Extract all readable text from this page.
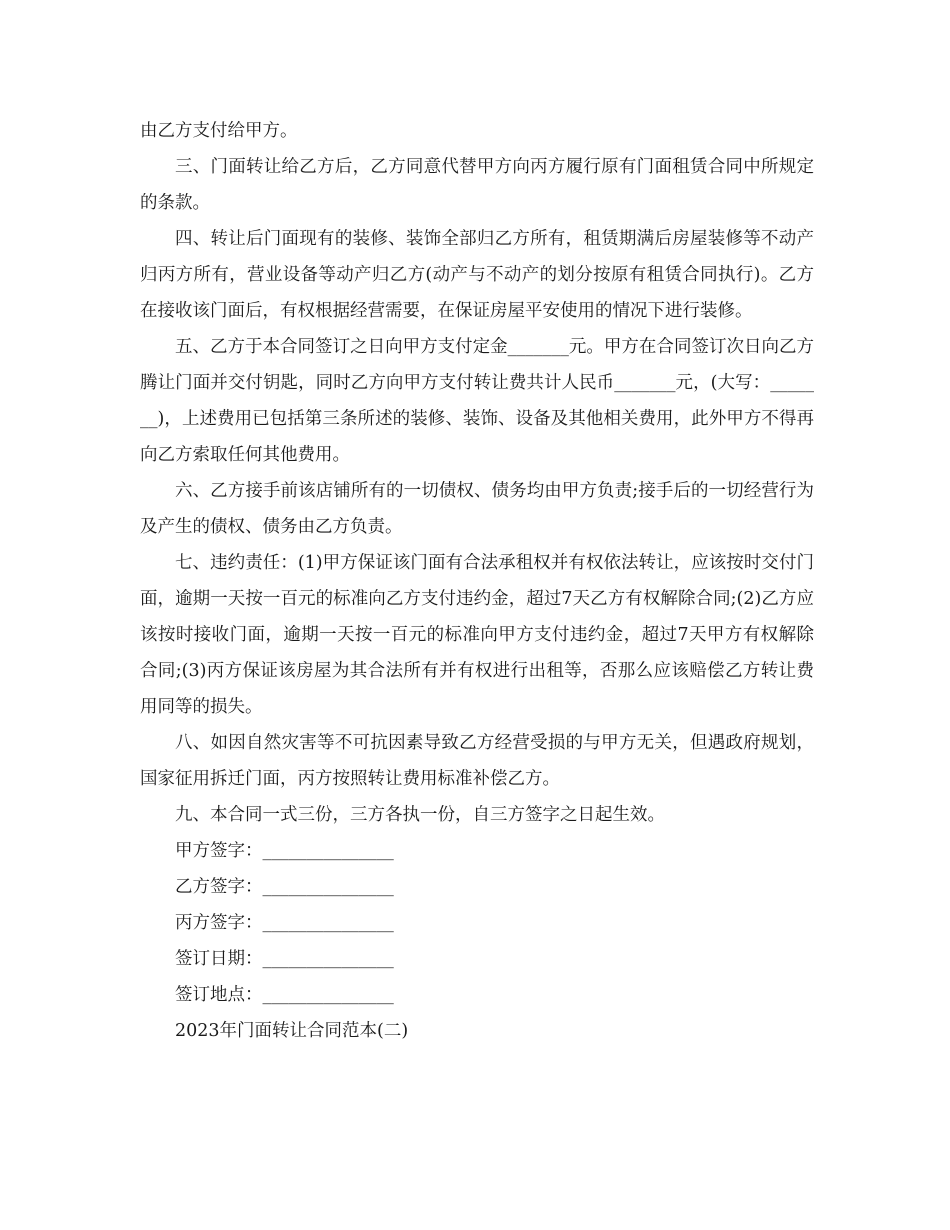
由乙方支付给甲方。

三、门面转让给乙方后，乙方同意代替甲方向丙方履行原有门面租赁合同中所规定的条款。

四、转让后门面现有的装修、装饰全部归乙方所有，租赁期满后房屋装修等不动产归丙方所有，营业设备等动产归乙方(动产与不动产的划分按原有租赁合同执行)。乙方在接收该门面后，有权根据经营需要，在保证房屋平安使用的情况下进行装修。

五、乙方于本合同签订之日向甲方支付定金_______元。甲方在合同签订次日向乙方腾让门面并交付钥匙，同时乙方向甲方支付转让费共计人民币_______元，(大写：_______)，上述费用已包括第三条所述的装修、装饰、设备及其他相关费用，此外甲方不得再向乙方索取任何其他费用。

六、乙方接手前该店铺所有的一切债权、债务均由甲方负责;接手后的一切经营行为及产生的债权、债务由乙方负责。

七、违约责任：(1)甲方保证该门面有合法承租权并有权依法转让，应该按时交付门面，逾期一天按一百元的标准向乙方支付违约金，超过7天乙方有权解除合同;(2)乙方应该按时接收门面，逾期一天按一百元的标准向甲方支付违约金，超过7天甲方有权解除合同;(3)丙方保证该房屋为其合法所有并有权进行出租等，否那么应该赔偿乙方转让费用同等的损失。

八、如因自然灾害等不可抗因素导致乙方经营受损的与甲方无关，但遇政府规划，国家征用拆迁门面，丙方按照转让费用标准补偿乙方。

九、本合同一式三份，三方各执一份，自三方签字之日起生效。

甲方签字：_______________
乙方签字：_______________
丙方签字：_______________
签订日期：_______________
签订地点：_______________
2023年门面转让合同范本(二)
